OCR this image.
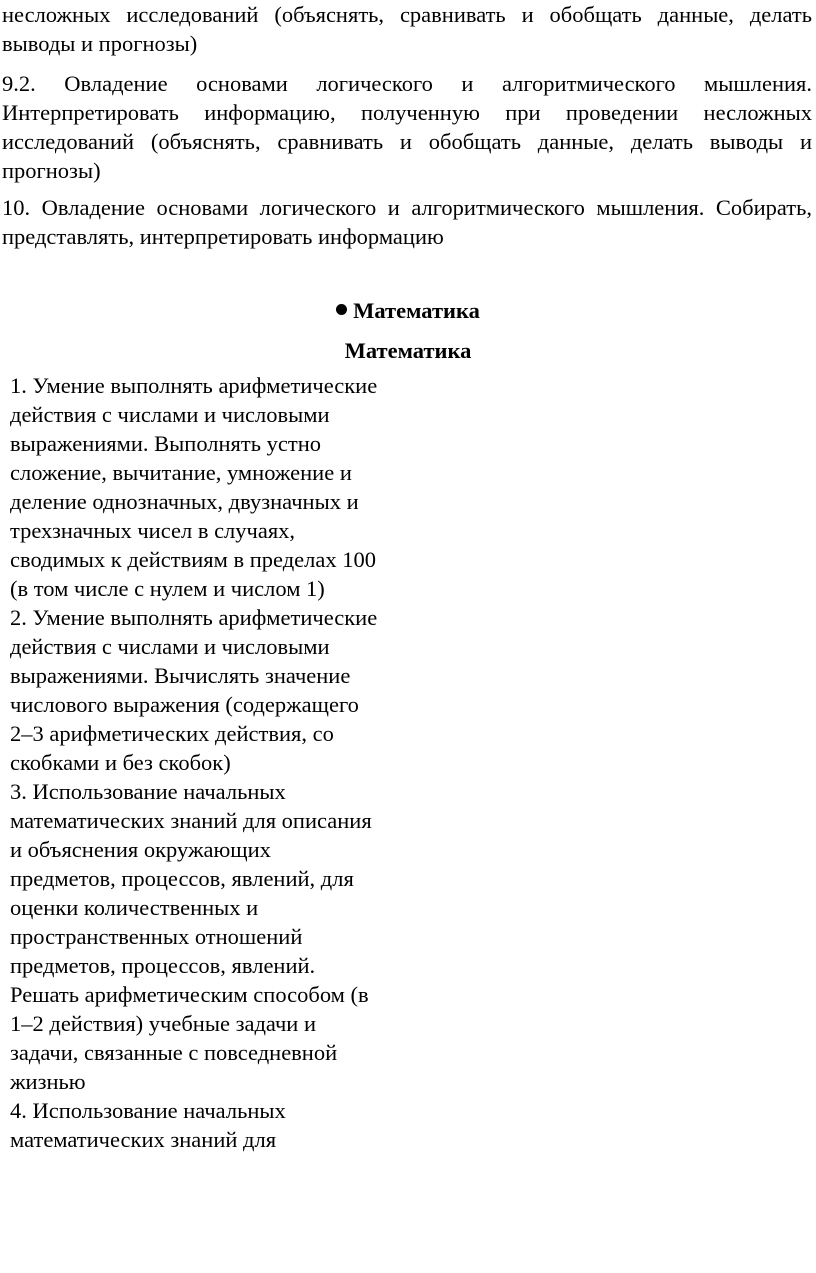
несложных исследований (объяснять, сравнивать и обобщать данные, делать выводы и прогнозы)

9.2. Овладение основами логического и алгоритмического мышления. Интерпретировать информацию, полученную при проведении несложных исследований (объяснять, сравнивать и обобщать данные, делать выводы и прогнозы)

10. Овладение основами логического и алгоритмического мышления. Собирать, представлять, интерпретировать информацию

Математика
Математика

1. Умение выполнять арифметические действия с числами и числовыми выражениями. Выполнять устно сложение, вычитание, умножение и деление однозначных, двузначных и трехзначных чисел в случаях, сводимых к действиям в пределах 100 (в том числе с нулем и числом 1)

2. Умение выполнять арифметические действия с числами и числовыми выражениями. Вычислять значение числового выражения (содержащего 2–3 арифметических действия, со скобками и без скобок)

3. Использование начальных математических знаний для описания и объяснения окружающих предметов, процессов, явлений, для оценки количественных и пространственных отношений предметов, процессов, явлений. Решать арифметическим способом (в 1–2 действия) учебные задачи и задачи, связанные с повседневной жизнью

4. Использование начальных математических знаний для
